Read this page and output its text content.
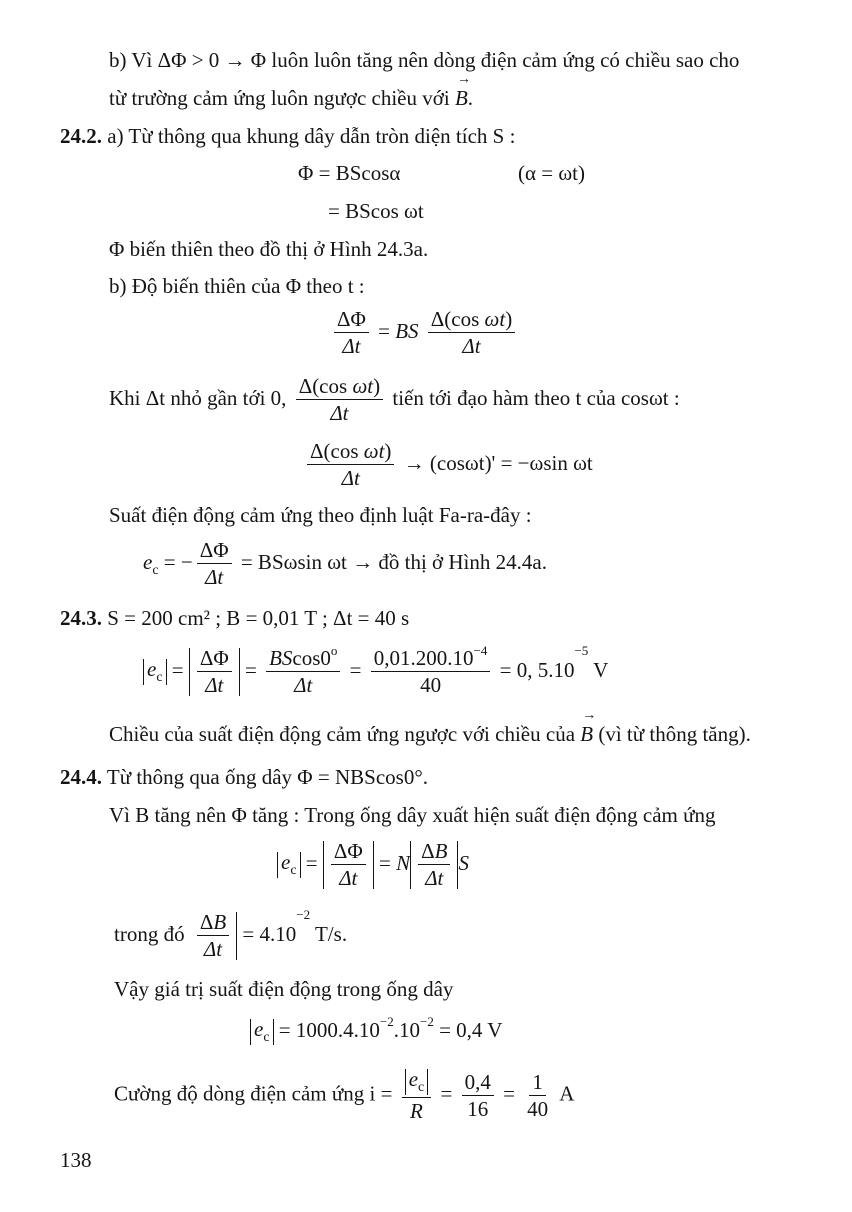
b) Vì ΔΦ > 0 → Φ luôn luôn tăng nên dòng điện cảm ứng có chiều sao cho
từ trường cảm ứng luôn ngược chiều với → B.
24.2. a) Từ thông qua khung dây dẫn tròn diện tích S :
Φ = BScosα	(α = ωt)
= BScos ωt
Φ biến thiên theo đồ thị ở Hình 24.3a.
b) Độ biến thiên của Φ theo t :
$\frac{\Delta\Phi}{\Delta t}$ = BS $\frac{\text{Δ(cos ωt)}}{\Delta t}$
Khi Δt nhỏ gần tới 0, $\frac{\text{Δ(cos ωt)}}{\Delta t}$ tiến tới đạo hàm theo t của cosωt :
$\frac{\text{Δ(cos ωt)}}{\Delta t} \to (\cos\omega t)' = -\omega\sin$ ωt
Suất điện động cảm ứng theo định luật Fa-ra-đây :
$e_c$ = − $\frac{\Delta\Phi}{\Delta t} = BS\omega\sin$ ωt → đồ thị ở Hình 24.4a.
24.3. S = 200 cm² ; B = 0,01 T ; Δt = 40 s
$e_c = \frac{\Delta\Phi}{\Delta t} = \frac{BScos0^o}{\Delta t} = \frac{0,01.200.10^{-4}}{40} = 0$, $5.10^{-5}$ V
Chiều của suất điện động cảm ứng ngược với chiều của → B (vì từ thông tăng).
24.4. Từ thông qua ống dây Φ = NBScos0°.
Vì B tăng nên Φ tăng : Trong ống dây xuất hiện suất điện động cảm ứng
$e_c = \frac{\Delta\Phi}{\Delta t} = N \frac{\Delta B}{\Delta t}$ S
trong đó $\frac{\Delta B}{\Delta t} = 4.10^{-2}$ T/s.
Vậy giá trị suất điện động trong ống dây
$e_c = 1000.4.10^{-2}.10^{-2} = 0,4$ V
Cường độ dòng điện cảm ứng $i = \frac{e_c}{R} = \frac{0,4}{16} = \frac{1}{40}$ A
138
